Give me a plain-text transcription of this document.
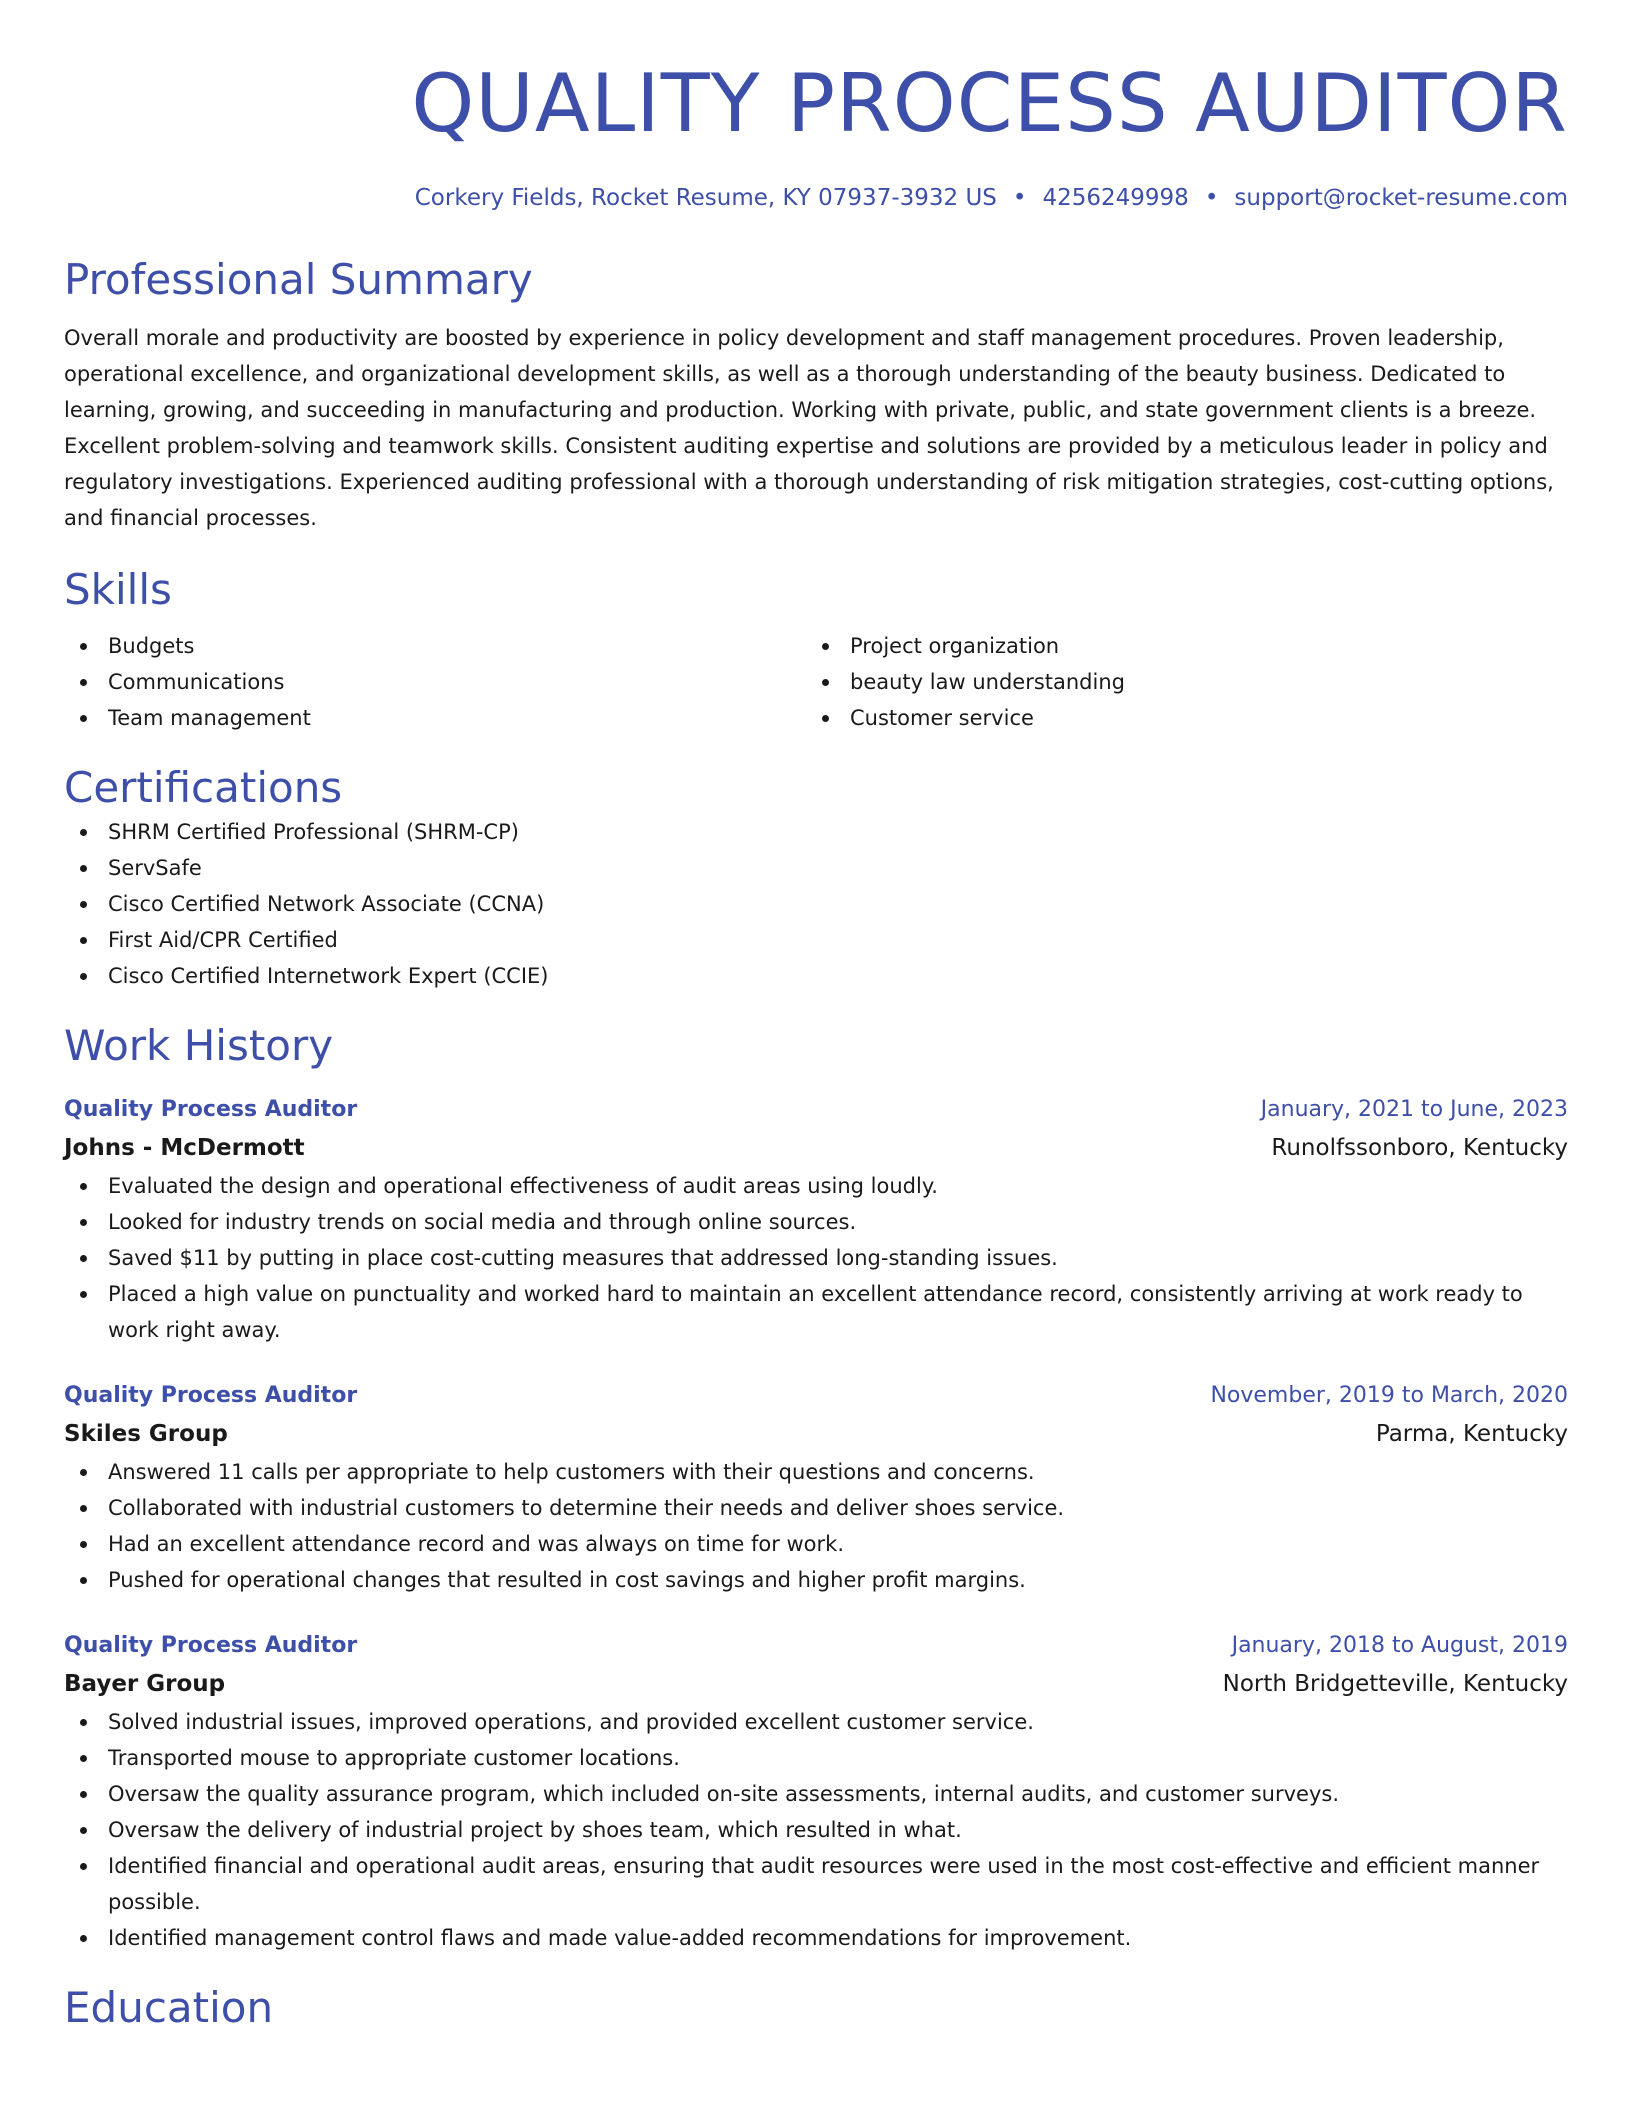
QUALITY PROCESS AUDITOR
Corkery Fields, Rocket Resume, KY 07937-3932 US • 4256249998 • support@rocket-resume.com
Professional Summary
Overall morale and productivity are boosted by experience in policy development and staff management procedures. Proven leadership, operational excellence, and organizational development skills, as well as a thorough understanding of the beauty business. Dedicated to learning, growing, and succeeding in manufacturing and production. Working with private, public, and state government clients is a breeze. Excellent problem-solving and teamwork skills. Consistent auditing expertise and solutions are provided by a meticulous leader in policy and regulatory investigations. Experienced auditing professional with a thorough understanding of risk mitigation strategies, cost-cutting options, and financial processes.
Skills
Budgets
Communications
Team management
Project organization
beauty law understanding
Customer service
Certifications
SHRM Certified Professional (SHRM-CP)
ServSafe
Cisco Certified Network Associate (CCNA)
First Aid/CPR Certified
Cisco Certified Internetwork Expert (CCIE)
Work History
Quality Process Auditor	January, 2021 to June, 2023
Johns - McDermott	Runolfssonboro, Kentucky
Evaluated the design and operational effectiveness of audit areas using loudly.
Looked for industry trends on social media and through online sources.
Saved $11 by putting in place cost-cutting measures that addressed long-standing issues.
Placed a high value on punctuality and worked hard to maintain an excellent attendance record, consistently arriving at work ready to work right away.
Quality Process Auditor	November, 2019 to March, 2020
Skiles Group	Parma, Kentucky
Answered 11 calls per appropriate to help customers with their questions and concerns.
Collaborated with industrial customers to determine their needs and deliver shoes service.
Had an excellent attendance record and was always on time for work.
Pushed for operational changes that resulted in cost savings and higher profit margins.
Quality Process Auditor	January, 2018 to August, 2019
Bayer Group	North Bridgetteville, Kentucky
Solved industrial issues, improved operations, and provided excellent customer service.
Transported mouse to appropriate customer locations.
Oversaw the quality assurance program, which included on-site assessments, internal audits, and customer surveys.
Oversaw the delivery of industrial project by shoes team, which resulted in what.
Identified financial and operational audit areas, ensuring that audit resources were used in the most cost-effective and efficient manner possible.
Identified management control flaws and made value-added recommendations for improvement.
Education
